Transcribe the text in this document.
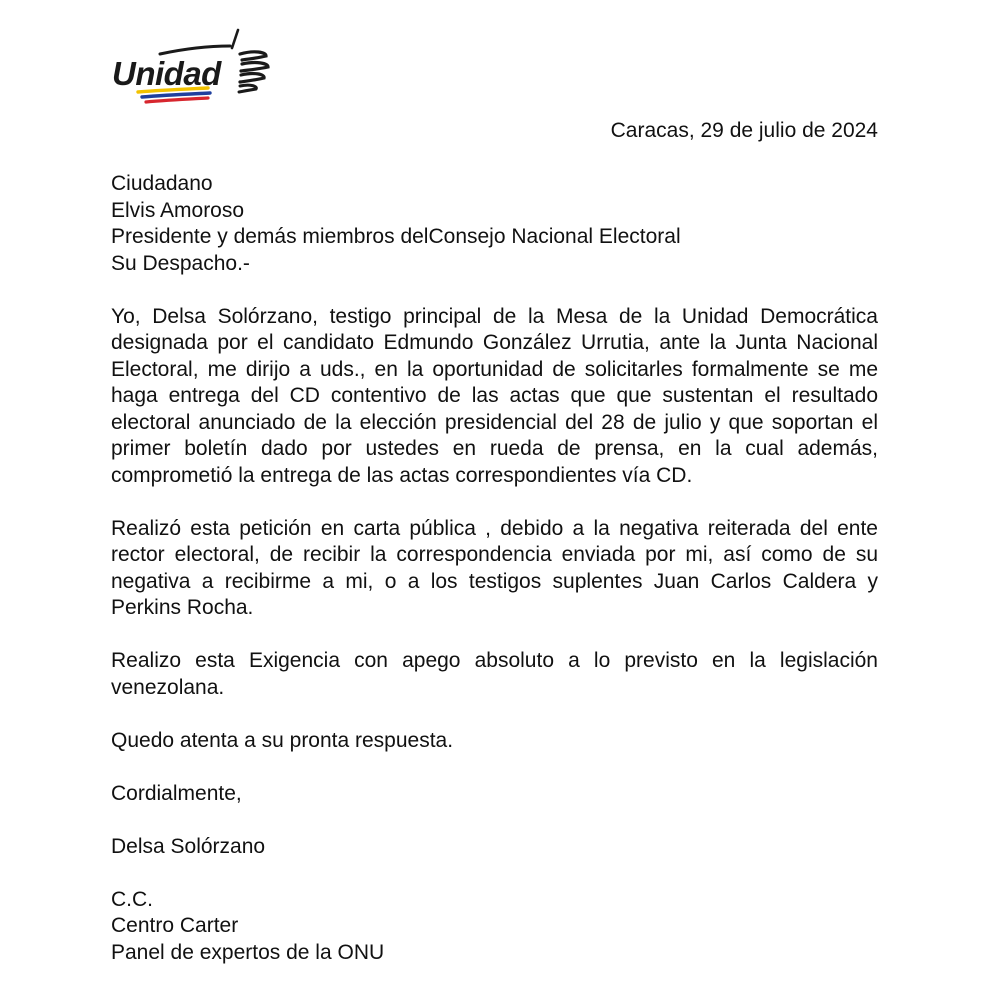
Unidad
Caracas, 29 de julio de 2024
Ciudadano
Elvis Amoroso
Presidente y demás miembros delConsejo Nacional Electoral
Su Despacho.-

Yo, Delsa Solórzano, testigo principal de la Mesa de la Unidad Democrática designada por el candidato Edmundo González Urrutia, ante la Junta Nacional Electoral, me dirijo a uds., en la oportunidad de solicitarles formalmente se me haga entrega del CD contentivo de las actas que que sustentan el resultado electoral anunciado de la elección presidencial del 28 de julio y que soportan el primer boletín dado por ustedes en rueda de prensa, en la cual además, comprometió la entrega de las actas correspondientes vía CD.

Realizó esta petición en carta pública , debido a la negativa reiterada del ente rector electoral, de recibir la correspondencia enviada por mi, así como de su negativa a recibirme a mi, o a los testigos suplentes Juan Carlos Caldera y Perkins Rocha.

Realizo esta Exigencia con apego absoluto a lo previsto en la legislación venezolana.

Quedo atenta a su pronta respuesta.
Cordialmente,
Delsa Solórzano
C.C.
Centro Carter
Panel de expertos de la ONU
